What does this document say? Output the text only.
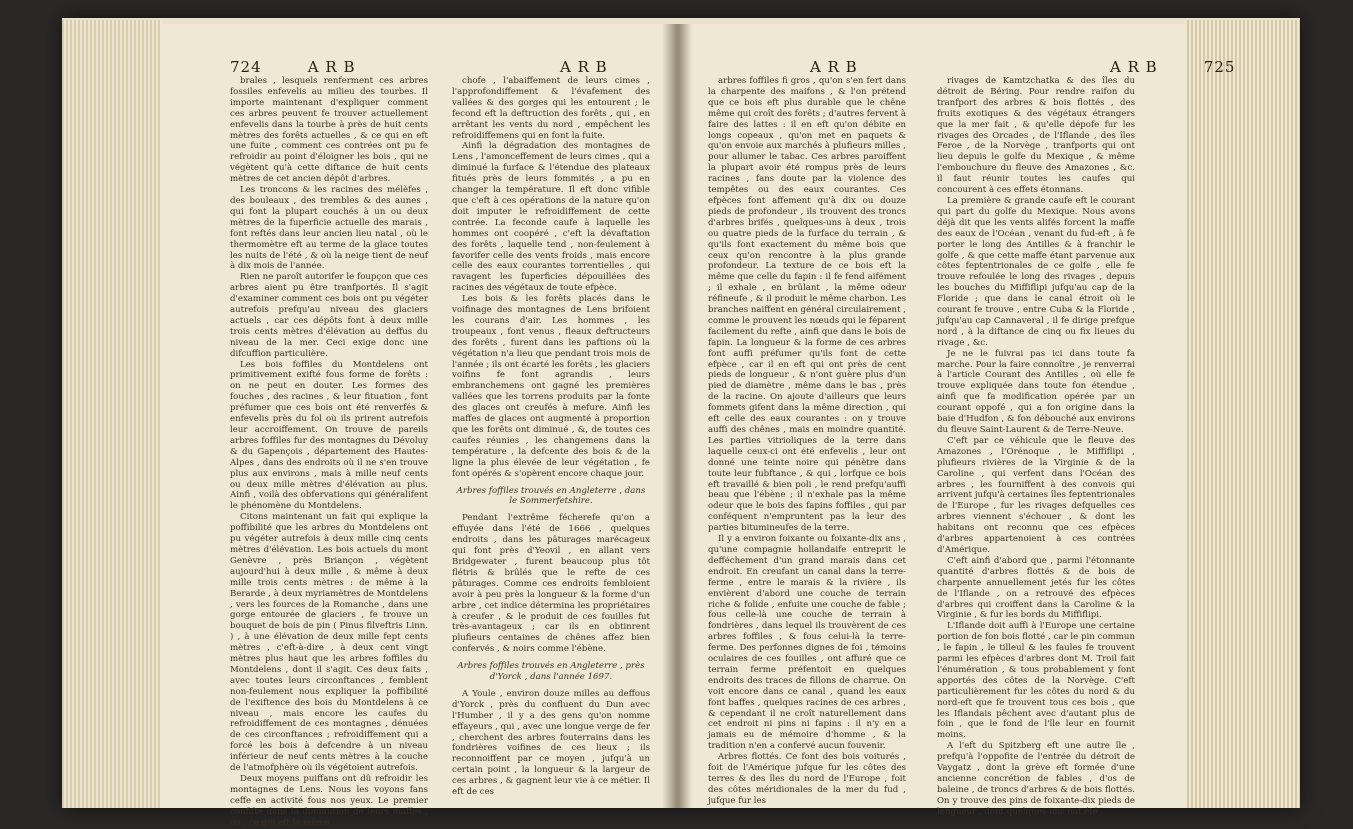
724	A R B	A R B	A R B	A R B	725

brales , lesquels renferment ces arbres fossiles enfevelis au milieu des tourbes. Il importe maintenant d'expliquer comment ces arbres peuvent fe trouver actuellement enfevelis dans la tourbe à près de huit cents mètres des forêts actuelles , & ce qui en eft une fuite , comment ces contrées ont pu fe refroidir au point d'éloigner les bois , qui ne végètent qu'à cette diftance de huit cents mètres de cet ancien dépôt d'arbres.

Les troncons & les racines des mélèfes , des bouleaux , des trembles & des aunes , qui font la plupart couchés à un ou deux mètres de la fuperficie actuelle des marais , font reftés dans leur ancien lieu natal , où le thermomètre eft au terme de la glace toutes les nuits de l'été , & où la neige tient de neuf à dix mois de l'année.

Rien ne paroît autorifer le foupçon que ces arbres aient pu être tranfportés. Il s'agit d'examiner comment ces bois ont pu végéter autrefois prefqu'au niveau des glaciers actuels , car ces dépôts font à deux mille trois cents mètres d'élévation au deffus du niveau de la mer. Ceci exige donc une difcuffion particulière.

Les bois foffiles du Montdelens ont primitivement exifté fous forme de forêts : on ne peut en douter. Les formes des fouches , des racines , & leur fituation , font préfumer que ces bois ont été renverfés & enfevelis près du fol où ils prirent autrefois leur accroiffement. On trouve de pareils arbres foffiles fur des montagnes du Dévoluy & du Gapençois , département des Hautes-Alpes , dans des endroits où il ne s'en trouve plus aux environs , mais à mille neuf cents ou deux mille mètres d'élévation au plus. Ainfi , voilà des obfervations qui généralifent le phénomène du Montdelens.

Citons maintenant un fait qui explique la poffibilité que les arbres du Montdelens ont pu végéter autrefois à deux mille cinq cents mètres d'élévation. Les bois actuels du mont Genèvre , près Briançon , végètent aujourd'hui à deux mille , & même à deux mille trois cents mètres : de même à la Berarde , à deux myriamètres de Montdelens , vers les fources de la Romanche , dans une gorge entourée de glaciers , fe trouve un bouquet de bois de pin ( Pinus filveftris Linn. ) , à une élévation de deux mille fept cents mètres , c'eft-à-dire , à deux cent vingt mètres plus haut que les arbres foffiles du Montdelens , dont il s'agit. Ces deux faits , avec toutes leurs circonftances , femblent non-feulement nous expliquer la poffibilité de l'exiftence des bois du Montdelens à ce niveau , mais encore les caufes du refroidiffement de ces montagnes , dénuées de ces circonftances ; refroidiffement qui a forcé les bois à defcendre à un niveau inférieur de neuf cents mètres à la couche de l'atmofphère où ils végétoient autrefois.

Deux moyens puiffans ont dû refroidir les montagnes de Lens. Nous les voyons fans ceffe en activité fous nos yeux. Le premier confifte dans la diminution de leurs maffes , ou , ce qui eft la même

chofe , l'abaiffement de leurs cimes , l'approfondiffement & l'évafement des vallées & des gorges qui les entourent ; le fecond eft la deftruction des forêts , qui , en arrêtant les vents du nord , empêchent les refroidiffemens qui en font la fuite.

Ainfi la dégradation des montagnes de Lens , l'amonceffement de leurs cimes , qui a diminué la furface & l'étendue des plateaux fitués près de leurs fommités , a pu en changer la température. Il eft donc vifible que c'eft à ces opérations de la nature qu'on doit imputer le refroidiffement de cette contrée. La feconde caufe à laquelle les hommes ont coopéré , c'eft la dévaftation des forêts , laquelle tend , non-feulement à favorifer celle des vents froids , mais encore celle des eaux courantes torrentielles , qui ravagent les fuperficies dépouillées des racines des végétaux de toute efpèce.

Les bois & les forêts placés dans le voifinage des montagnes de Lens brifoient les courans d'air. Les hommes , les troupeaux , font venus , fleaux deftructeurs des forêts , furent dans les paftions où la végétation n'a lieu que pendant trois mois de l'année ; ils ont écarté les forêts , les glaciers voifins fe font agrandis , leurs embranchemens ont gagné les premières vallées que les torrens produits par la fonte des glaces ont creufés à mefure. Ainfi les maffes de glaces ont augmenté à proportion que les forêts ont diminué , &, de toutes ces caufes réunies , les changemens dans la température , la defcente des bois & de la ligne la plus élevée de leur végétation , fe font opérés & s'opèrent encore chaque jour.

Arbres foffiles trouvés en Angleterre , dans le Sommerfetshire.

Pendant l'extrême fécherefe qu'on a effuyée dans l'été de 1666 , quelques endroits , dans les pâturages marécageux qui font près d'Yeovil , en allant vers Bridgewater , furent beaucoup plus tôt flétris & brûlés que le refte de ces pâturages. Comme ces endroits fembloient avoir à peu près la longueur & la forme d'un arbre , cet indice détermina les propriétaires à creufer , & le produit de ces fouilles fut très-avantageux ; car ils en obtinrent plufieurs centaines de chênes affez bien confervés , & noirs comme l'ébène.

Arbres foffiles trouvés en Angleterre , près d'Yorck , dans l'année 1697.

A Youle , environ douze milles au deffous d'Yorck , près du confluent du Dun avec l'Humber , il y a des gens qu'on nomme effayeurs , qui , avec une longue verge de fer , cherchent des arbres fouterrains dans les fondrières voifines de ces lieux ; ils reconnoiffent par ce moyen , jufqu'à un certain point , la longueur & la largeur de ces arbres , & gagnent leur vie à ce métier. Il eft de ces

arbres foffiles fi gros , qu'on s'en fert dans la charpente des maifons , & l'on prétend que ce bois eft plus durable que le chêne même qui croît des forêts ; d'autres fervent à faire des lattes : il en eft qu'on débite en longs copeaux , qu'on met en paquets & qu'on envoie aux marchés à plufieurs milles , pour allumer le tabac. Ces arbres paroiffent la plupart avoir été rompus près de leurs racines , fans doute par la violence des tempêtes ou des eaux courantes. Ces efpèces font affement qu'à dix ou douze pieds de profondeur , ils trouvent des troncs d'arbres brifés , quelques-uns à deux , trois ou quatre pieds de la furface du terrain , & qu'ils font exactement du même bois que ceux qu'on rencontre à la plus grande profondeur. La texture de ce bois eft la même que celle du fapin : il fe fend aifément ; il exhale , en brûlant , la même odeur réfineufe , & il produit le même charbon. Les branches naiffent en général circulairement , comme le prouvent les nœuds qui le féparent facilement du refte , ainfi que dans le bois de fapin. La longueur & la forme de ces arbres font auffi préfumer qu'ils font de cette efpèce , car il en eft qui ont près de cent pieds de longueur , & n'ont guère plus d'un pied de diamètre , même dans le bas , près de la racine. On ajoute d'ailleurs que leurs fommets gifent dans la même direction , qui eft celle des eaux courantes : on y trouve auffi des chênes , mais en moindre quantité. Les parties vitrioliques de la terre dans laquelle ceux-ci ont été enfevelis , leur ont donné une teinte noire qui pénètre dans toute leur fubftance , & qui , lorfque ce bois eft travaillé & bien poli , le rend prefqu'auffi beau que l'ébène ; il n'exhale pas la même odeur que le bois des fapins foffiles , qui par conféquent n'empruntent pas la leur des parties bitumineufes de la terre.

Il y a environ foixante ou foixante-dix ans , qu'une compagnie hollandaife entreprit le defféchement d'un grand marais dans cet endroit. En creufant un canal dans la terre-ferme , entre le marais & la rivière , ils envièrent d'abord une couche de terrain riche & folide , enfuite une couche de fable ; fous celle-là une couche de terrain à fondrières , dans lequel ils trouvèrent de ces arbres foffiles , & fous celui-là la terre-ferme. Des perfonnes dignes de foi , témoins oculaires de ces fouilles , ont affuré que ce terrain ferme préfentoit en quelques endroits des traces de fillons de charrue. On voit encore dans ce canal , quand les eaux font baffes , quelques racines de ces arbres , & cependant il ne croît naturellement dans cet endroit ni pins ni fapins : il n'y en a jamais eu de mémoire d'homme , & la tradition n'en a confervé aucun fouvenir.

Arbres flottés. Ce font des bois voiturés , foit de l'Amérique jufque fur les côtes des terres & des îles du nord de l'Europe , foit des côtes méridionales de la mer du fud , jufque fur les

rivages de Kamtzchatka & des îles du détroit de Béring. Pour rendre raifon du tranfport des arbres & bois flottés , des fruits exotiques & des végétaux étrangers que la mer fait , & qu'elle dépofe fur les rivages des Orcades , de l'Iflande , des îles Feroe , de la Norvège , tranfports qui ont lieu depuis le golfe du Mexique , & même l'embouchure du fleuve des Amazones , &c. il faut réunir toutes les caufes qui concourent à ces effets étonnans.

La première & grande caufe eft le courant qui part du golfe du Mexique. Nous avons déjà dit que les vents alifés forcent la maffe des eaux de l'Océan , venant du fud-eft , à fe porter le long des Antilles & à franchir le golfe , & que cette maffe étant parvenue aux côtes feptentrionales de ce golfe , elle fe trouve refoulée le long des rivages , depuis les bouches du Miffiflipi jufqu'au cap de la Floride ; que dans le canal étroit où le courant fe trouve , entre Cuba & la Floride , jufqu'au cap Cannaveral , il fe dirige prefque nord , à la diftance de cinq ou fix lieues du rivage , &c.

Je ne le fuivrai pas ici dans toute fa marche. Pour la faire connoître , je renverrai à l'article Courant des Antilles , où elle fe trouve expliquée dans toute fon étendue , ainfi que fa modification opérée par un courant oppofé , qui a fon origine dans la baie d'Hudfon , & fon débouché aux environs du fleuve Saint-Laurent & de Terre-Neuve.

C'eft par ce véhicule que le fleuve des Amazones , l'Orénoque , le Miffiflipi , plufieurs rivières de la Virginie & de la Caroline , qui verfent dans l'Océan des arbres , les fourniffent à des convois qui arrivent jufqu'à certaines îles feptentrionales de l'Europe , fur les rivages defquelles ces arbres viennent s'échouer , & dont les habitans ont reconnu que ces efpèces d'arbres appartenoient à ces contrées d'Amérique.

C'eft ainfi d'abord que , parmi l'étonnante quantité d'arbres flottés & de bois de charpente annuellement jetés fur les côtes de l'Iflande , on a retrouvé des efpèces d'arbres qui croiffent dans la Caroline & la Virginie , & fur les bords du Miffiflipi.

L'Iflande doit auffi à l'Europe une certaine portion de fon bois flotté , car le pin commun , le fapin , le tilleul & les faules fe trouvent parmi les efpèces d'arbres dont M. Troil fait l'énumération , & tous probablement y font apportés des côtes de la Norvège. C'eft particulièrement fur les côtes du nord & du nord-eft que fe trouvent tous ces bois , que les Iflandais pêchent avec d'autant plus de foin , que le fond de l'île leur en fournit moins.

A l'eft du Spitzberg eft une autre île , prefqu'à l'oppofite de l'entrée du détroit de Vaygatz , dont la grève eft formée d'une ancienne concrétion de fables , d'os de baleine , de troncs d'arbres & de bois flottés. On y trouve des pins de foixante-dix pieds de longueur , dont quelques-uns ont été
